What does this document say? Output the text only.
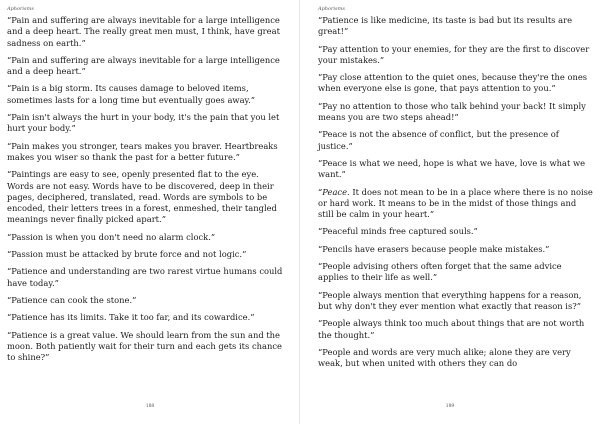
Aphorisms

“Pain and suffering are always inevitable for a large intelligence and a deep heart. The really great men must, I think, have great sadness on earth.”

“Pain and suffering are always inevitable for a large intelligence and a deep heart.”

“Pain is a big storm. Its causes damage to beloved items, sometimes lasts for a long time but eventually goes away.”

“Pain isn't always the hurt in your body, it's the pain that you let hurt your body.”

“Pain makes you stronger, tears makes you braver. Heartbreaks makes you wiser so thank the past for a better future.”

“Paintings are easy to see, openly presented flat to the eye. Words are not easy. Words have to be discovered, deep in their pages, deciphered, translated, read. Words are symbols to be encoded, their letters trees in a forest, enmeshed, their tangled meanings never finally picked apart.”

“Passion is when you don't need no alarm clock.”

“Passion must be attacked by brute force and not logic.”

“Patience and understanding are two rarest virtue humans could have today.”

“Patience can cook the stone.”

“Patience has its limits. Take it too far, and its cowardice.”

“Patience is a great value. We should learn from the sun and the moon. Both patiently wait for their turn and each gets its chance to shine?”

188
Aphorisms

“Patience is like medicine, its taste is bad but its results are great!”

“Pay attention to your enemies, for they are the first to discover your mistakes.”

“Pay close attention to the quiet ones, because they're the ones when everyone else is gone, that pays attention to you.”

“Pay no attention to those who talk behind your back! It simply means you are two steps ahead!”

“Peace is not the absence of conflict, but the presence of justice.”

“Peace is what we need, hope is what we have, love is what we want.”

“Peace. It does not mean to be in a place where there is no noise or hard work. It means to be in the midst of those things and still be calm in your heart.”

“Peaceful minds free captured souls.”

“Pencils have erasers because people make mistakes.”

“People advising others often forget that the same advice applies to their life as well.”

“People always mention that everything happens for a reason, but why don't they ever mention what exactly that reason is?”

“People always think too much about things that are not worth the thought.”

“People and words are very much alike; alone they are very weak, but when united with others they can do

189
